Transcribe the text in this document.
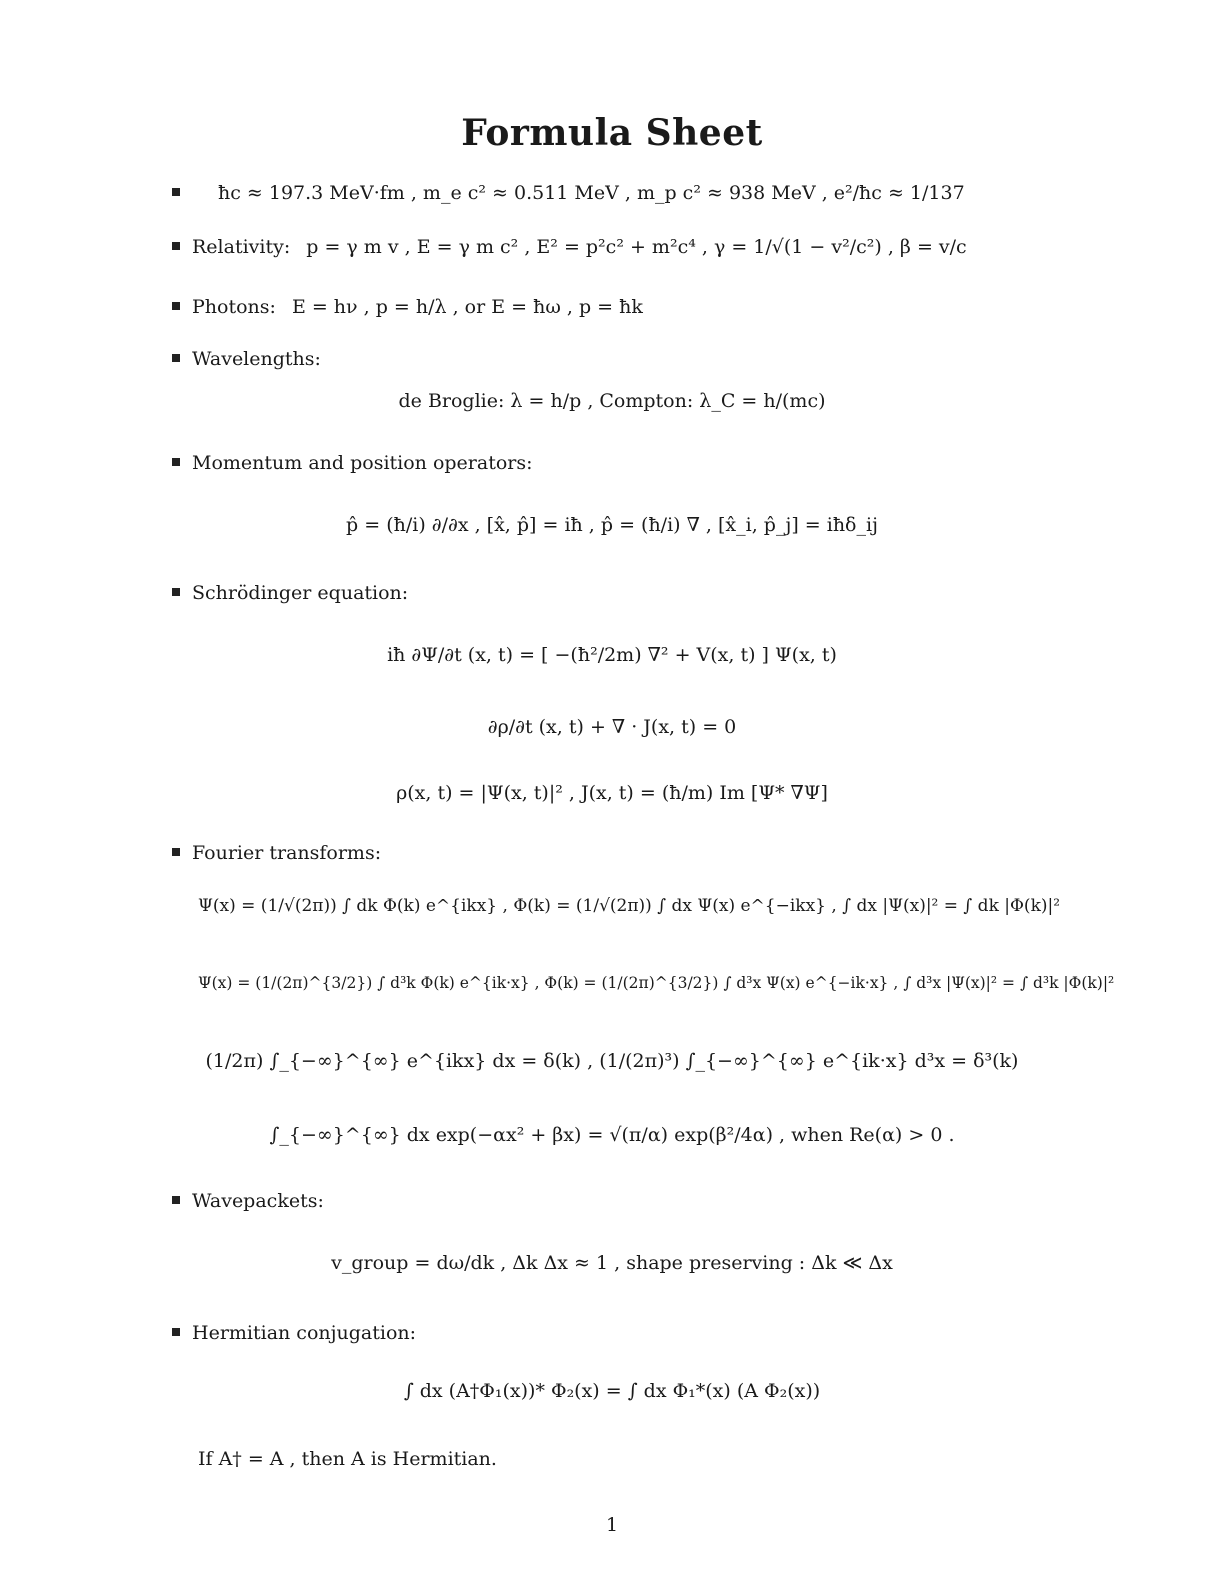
Formula Sheet
ħc ≈ 197.3 MeV·fm , m_e c² ≈ 0.511 MeV , m_p c² ≈ 938 MeV , e²/ħc ≈ 1/137
Relativity: p = γ m v , E = γ m c² , E² = p²c² + m²c⁴ , γ = 1/√(1 − v²/c²) , β = v/c
Photons: E = hν , p = h/λ , or E = ħω , p = ħk
Wavelengths:
de Broglie: λ = h/p , Compton: λ_C = h/(mc)
Momentum and position operators:
p̂ = (ħ/i) ∂/∂x , [x̂, p̂] = iħ , p̂ = (ħ/i) ∇ , [x̂_i, p̂_j] = iħδ_ij
Schrödinger equation:
iħ ∂Ψ/∂t (x, t) = [ −(ħ²/2m) ∇² + V(x, t) ] Ψ(x, t)
∂ρ/∂t (x, t) + ∇ · J(x, t) = 0
ρ(x, t) = |Ψ(x, t)|² , J(x, t) = (ħ/m) Im [Ψ* ∇Ψ]
Fourier transforms:
Ψ(x) = (1/√(2π)) ∫ dk Φ(k) e^{ikx} , Φ(k) = (1/√(2π)) ∫ dx Ψ(x) e^{−ikx} , ∫ dx |Ψ(x)|² = ∫ dk |Φ(k)|²
Ψ(x) = (1/(2π)^{3/2}) ∫ d³k Φ(k) e^{ik·x} , Φ(k) = (1/(2π)^{3/2}) ∫ d³x Ψ(x) e^{−ik·x} , ∫ d³x |Ψ(x)|² = ∫ d³k |Φ(k)|²
(1/2π) ∫_{−∞}^{∞} e^{ikx} dx = δ(k) , (1/(2π)³) ∫_{−∞}^{∞} e^{ik·x} d³x = δ³(k)
∫_{−∞}^{∞} dx exp(−αx² + βx) = √(π/α) exp(β²/4α) , when Re(α) > 0 .
Wavepackets:
v_group = dω/dk , Δk Δx ≈ 1 , shape preserving : Δk ≪ Δx
Hermitian conjugation:
∫ dx (A†Φ₁(x))* Φ₂(x) = ∫ dx Φ₁*(x) (A Φ₂(x))
If A† = A , then A is Hermitian.
1
